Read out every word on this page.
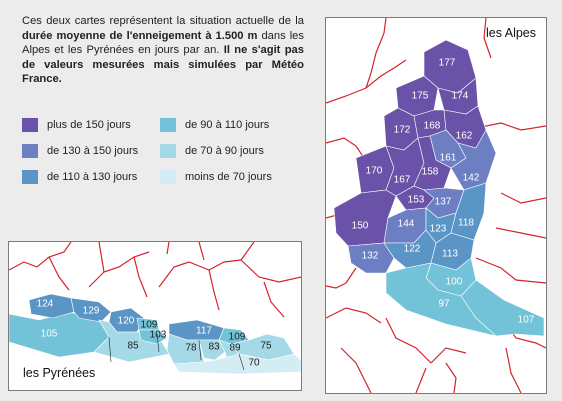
Ces deux cartes représentent la situation actuelle de la durée moyenne de l'enneigement à 1.500 m dans les Alpes et les Pyrénées en jours par an. Il ne s'agit pas de valeurs mesurées mais simulées par Météo France.
plus de 150 jours
de 130 à 150 jours
de 110 à 130 jours
de 90 à 110 jours
de 70 à 90 jours
moins de 70 jours
177
175 174
172 168
162
161
170
167
158
142
153
150	144
137
123
118
132
122 113
100
97
107
les Alpes
124
129
120 109
103	117
109
105
85	78 83 89 75
70
les Pyrénées
